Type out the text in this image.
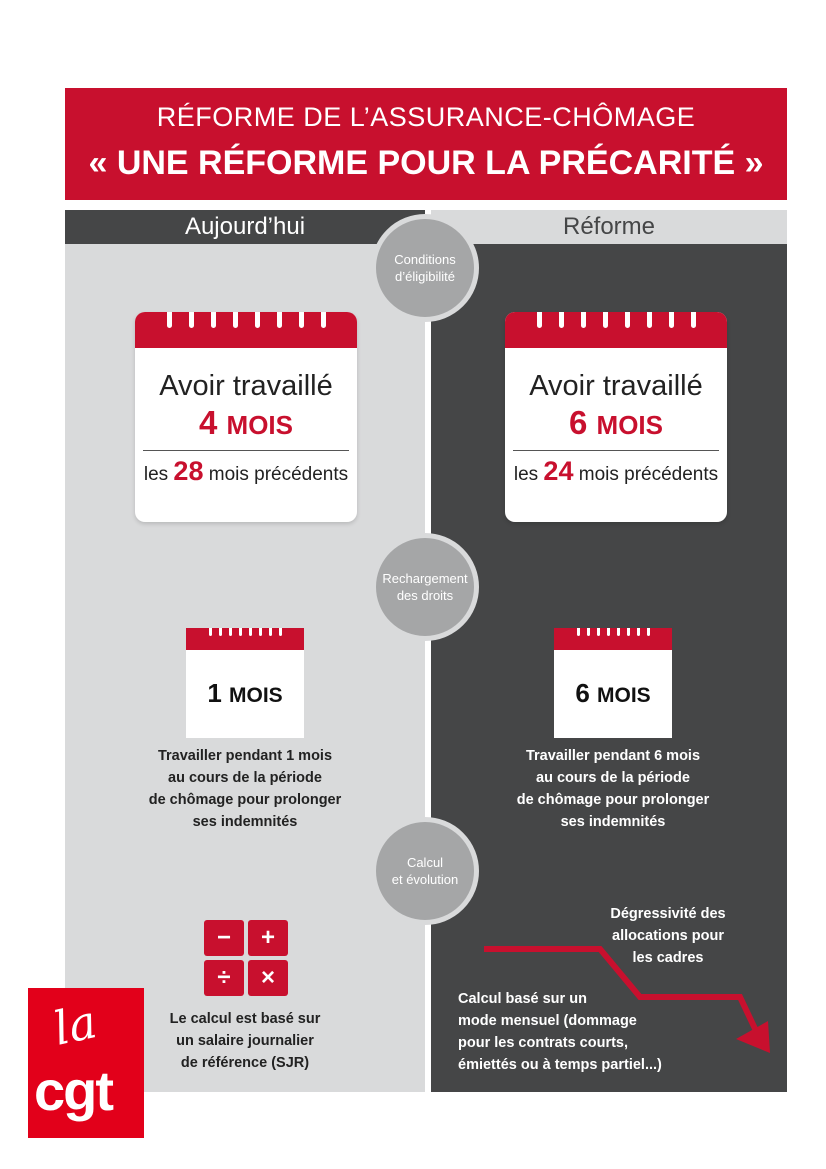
RÉFORME DE L’ASSURANCE-CHÔMAGE
« UNE RÉFORME POUR LA PRÉCARITÉ »
Aujourd’hui	Réforme
Conditions
d’éligibilité
Avoir travaillé
4 MOIS
les 28 mois précédents
Avoir travaillé
6 MOIS
les 24 mois précédents
Rechargement
des droits
1 MOIS	6 MOIS
Travailler pendant 1 mois
au cours de la période
de chômage pour prolonger
ses indemnités
Travailler pendant 6 mois
au cours de la période
de chômage pour prolonger
ses indemnités
Calcul
et évolution
−	+
÷	×
Le calcul est basé sur
un salaire journalier
de référence (SJR)
Dégressivité des
allocations pour
les cadres
Calcul basé sur un
mode mensuel (dommage
pour les contrats courts,
émiettés ou à temps partiel...)
la
cgt
